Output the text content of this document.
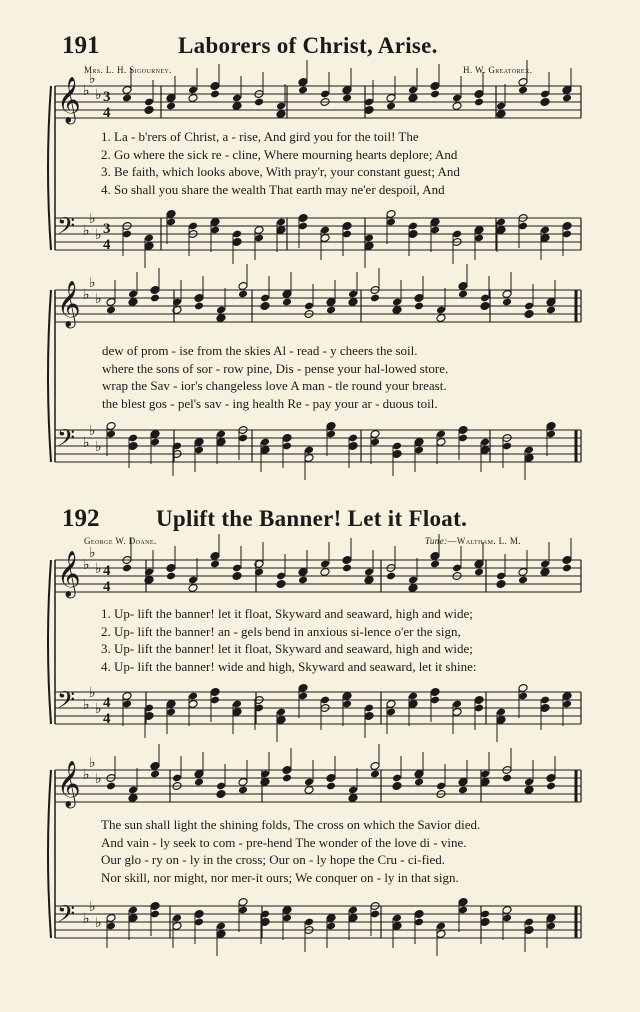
191	Laborers of Christ, Arise.
Mrs. L. H. Sigourney.	H. W. Greatorex.
𝄞
𝄢
♭
♭
♭
♭
♭
♭
3
4
3
4
𝄞
𝄢
♭
♭
♭
♭
♭
♭
𝄞
𝄢
♭
♭
♭
♭
♭
♭
4
4
4
4
𝄞
𝄢
♭
♭
♭
♭
♭
♭
1. La - b'rers of Christ, a - rise, And gird you for the toil! The
2. Go where the sick re - cline, Where mourning hearts deplore; And
3. Be faith, which looks above, With pray'r, your constant guest; And
4. So shall you share the wealth That earth may ne'er despoil, And
dew of prom - ise from the skies Al - read - y cheers the soil.
where the sons of sor - row pine, Dis - pense your hal-lowed store.
wrap the Sav - ior's changeless love A man - tle round your breast.
the blest gos - pel's sav - ing health Re - pay your ar - duous toil.
192 Uplift the Banner! Let it Float.
George W. Doane.	Tune:—Waltham. L. M.
1. Up- lift the banner! let it float, Skyward and seaward, high and wide;
2. Up- lift the banner! an - gels bend in anxious si-lence o'er the sign,
3. Up- lift the banner! let it float, Skyward and seaward, high and wide;
4. Up- lift the banner! wide and high, Skyward and seaward, let it shine:
The sun shall light the shining folds, The cross on which the Savior died.
And vain - ly seek to com - pre-hend The wonder of the love di - vine.
Our glo - ry on - ly in the cross; Our on - ly hope the Cru - ci-fied.
Nor skill, nor might, nor mer-it ours; We conquer on - ly in that sign.
